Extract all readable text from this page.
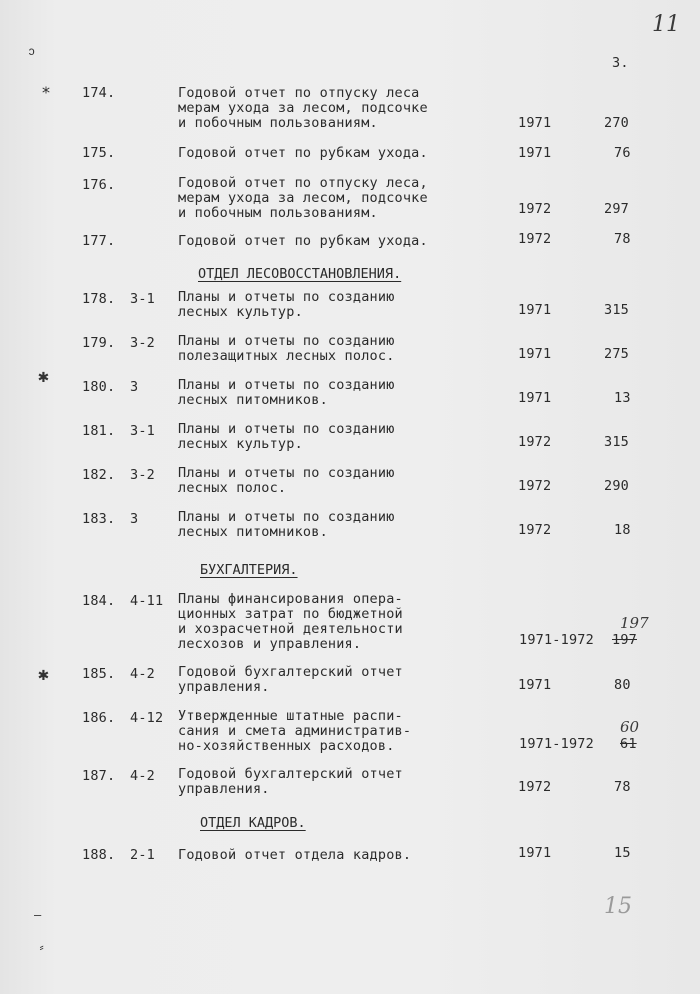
11
3.
ↄ
⁎
✱
✱
–
⸗
174.	Годовой отчет по отпуску леса
мерам ухода за лесом, подсочке
и побочным пользованиям.	1971	270
175.	Годовой отчет по рубкам ухода.	1971	76
176.	Годовой отчет по отпуску леса,
мерам ухода за лесом, подсочке
и побочным пользованиям.	1972	297
177.	Годовой отчет по рубкам ухода.	1972	78
ОТДЕЛ ЛЕСОВОССТАНОВЛЕНИЯ.
178. 3-1 Планы и отчеты по созданию
лесных культур.	1971	315
179. 3-2 Планы и отчеты по созданию
полезащитных лесных полос.	1971	275
180. 3	Планы и отчеты по созданию
лесных питомников.	1971	13
181. 3-1 Планы и отчеты по созданию
лесных культур.	1972	315
182. 3-2 Планы и отчеты по созданию
лесных полос.	1972	290
183. 3	Планы и отчеты по созданию
лесных питомников.	1972	18
БУХГАЛТЕРИЯ.
184. 4-11 Планы финансирования опера-
ционных затрат по бюджетной
и хозрасчетной деятельности
лесхозов и управления.	1971-1972
197
197
185. 4-2 Годовой бухгалтерский отчет
управления.	1971	80
186. 4-12 Утвержденные штатные распи-
сания и смета административ-
но-хозяйственных расходов.	1971-1972
60
61
187. 4-2 Годовой бухгалтерский отчет
управления.	1972	78
ОТДЕЛ КАДРОВ.
188. 2-1 Годовой отчет отдела кадров.	1971	15
15
